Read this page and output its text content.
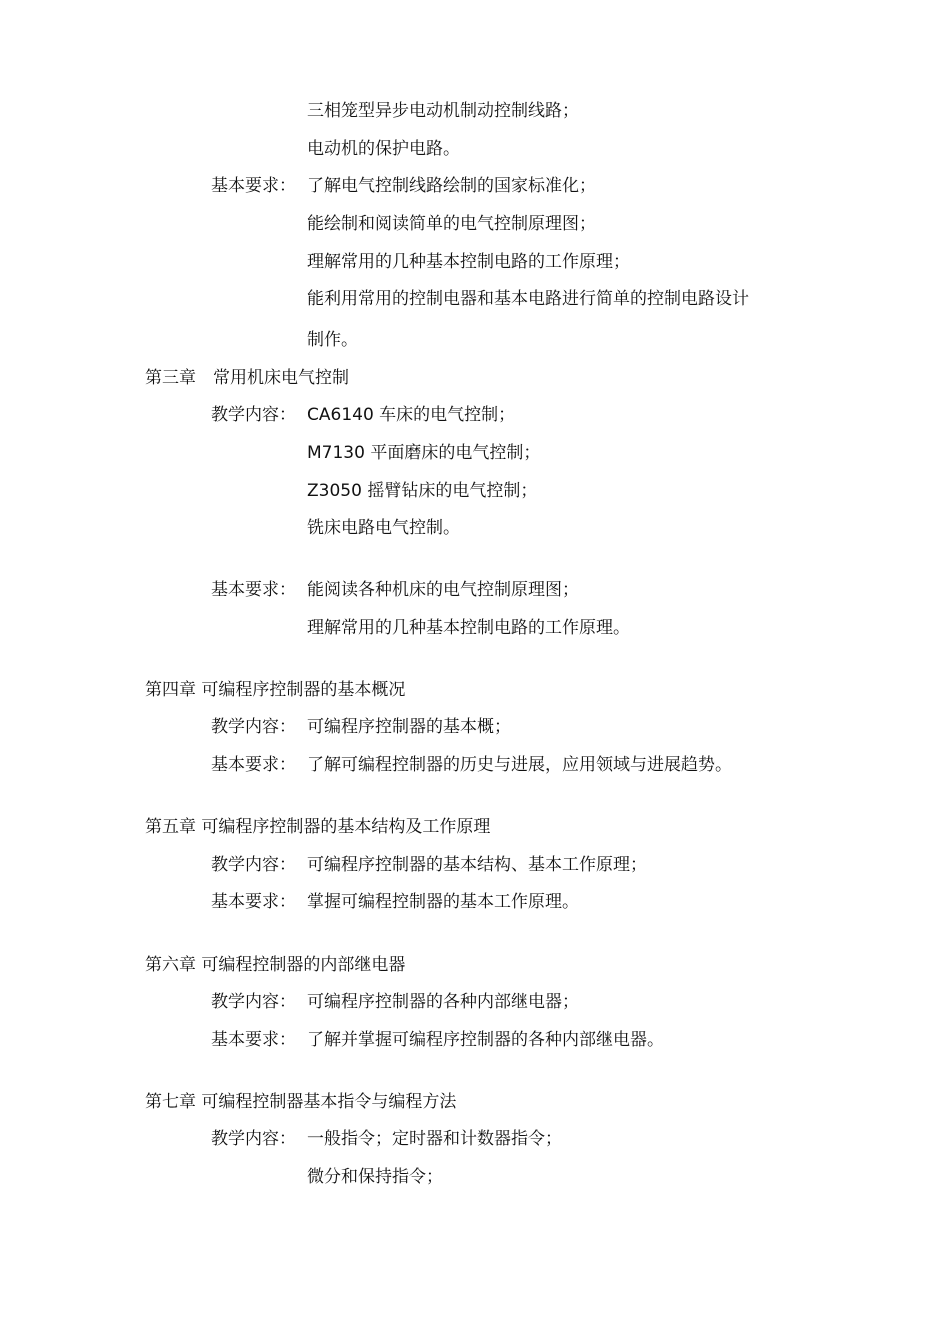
三相笼型异步电动机制动控制线路；
电动机的保护电路。
基本要求： 了解电气控制线路绘制的国家标准化；
能绘制和阅读简单的电气控制原理图；
理解常用的几种基本控制电路的工作原理；
能利用常用的控制电器和基本电路进行简单的控制电路设计
制作。
第三章　常用机床电气控制
教学内容： CA6140 车床的电气控制；
M7130 平面磨床的电气控制；
Z3050 摇臂钻床的电气控制；
铣床电路电气控制。
基本要求： 能阅读各种机床的电气控制原理图；
理解常用的几种基本控制电路的工作原理。
第四章 可编程序控制器的基本概况
教学内容： 可编程序控制器的基本概；
基本要求： 了解可编程控制器的历史与进展，应用领域与进展趋势。
第五章 可编程序控制器的基本结构及工作原理
教学内容： 可编程序控制器的基本结构、基本工作原理；
基本要求： 掌握可编程控制器的基本工作原理。
第六章 可编程控制器的内部继电器
教学内容： 可编程序控制器的各种内部继电器；
基本要求： 了解并掌握可编程序控制器的各种内部继电器。
第七章 可编程控制器基本指令与编程方法
教学内容： 一般指令；定时器和计数器指令；
微分和保持指令；
